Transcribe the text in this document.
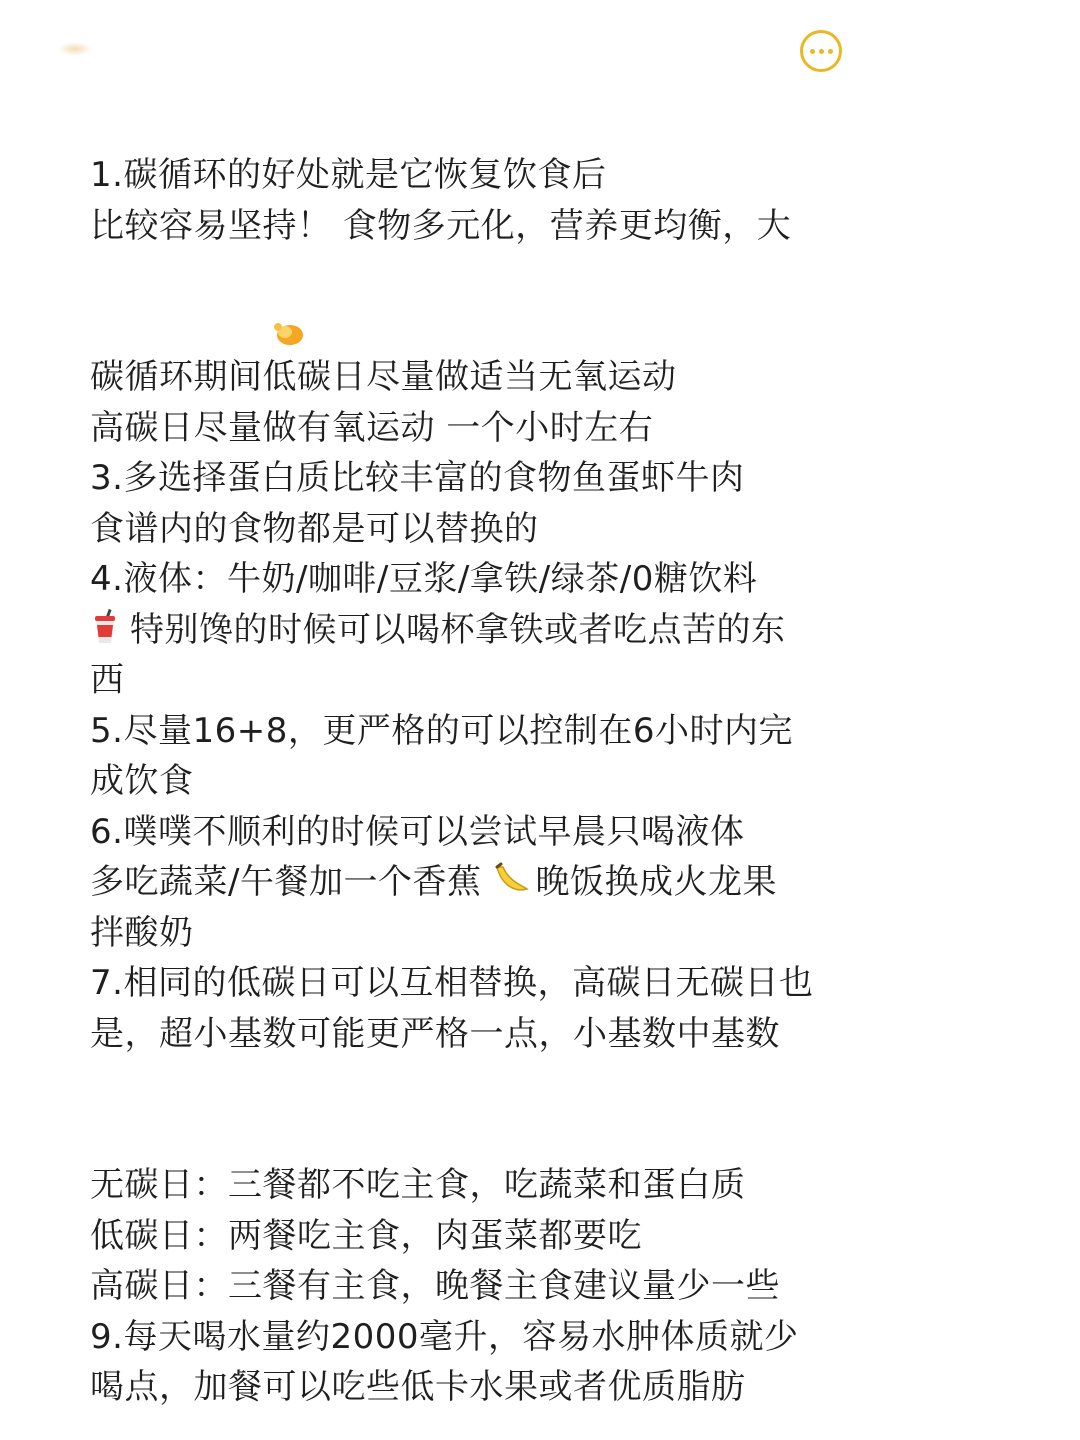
1.碳循环的好处就是它恢复饮食后
比较容易坚持！ 食物多元化，营养更均衡，大
碳循环期间低碳日尽量做适当无氧运动
高碳日尽量做有氧运动 一个小时左右
3.多选择蛋白质比较丰富的食物鱼蛋虾牛肉
食谱内的食物都是可以替换的
4.液体：牛奶/咖啡/豆浆/拿铁/绿茶/0糖饮料
特别馋的时候可以喝杯拿铁或者吃点苦的东
西
5.尽量16+8，更严格的可以控制在6小时内完
成饮食
6.噗噗不顺利的时候可以尝试早晨只喝液体
多吃蔬菜/午餐加一个香蕉 晚饭换成火龙果
拌酸奶
7.相同的低碳日可以互相替换，高碳日无碳日也
是，超小基数可能更严格一点，小基数中基数
无碳日：三餐都不吃主食，吃蔬菜和蛋白质
低碳日：两餐吃主食，肉蛋菜都要吃
高碳日：三餐有主食，晚餐主食建议量少一些
9.每天喝水量约2000毫升，容易水肿体质就少
喝点，加餐可以吃些低卡水果或者优质脂肪
